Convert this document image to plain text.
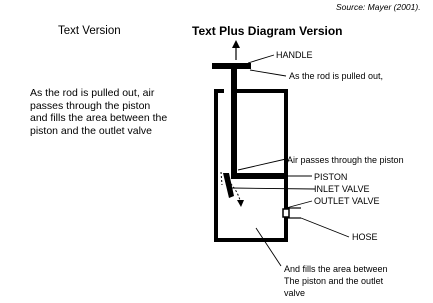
Source: Mayer (2001).
Text Version	Text Plus Diagram Version
As the rod is pulled out, air
passes through the piston
and fills the area between the
piston and the outlet valve
HANDLE
As the rod is pulled out,
Air passes through the piston
PISTON
INLET VALVE
OUTLET VALVE
HOSE
And fills the area between
The piston and the outlet
valve
